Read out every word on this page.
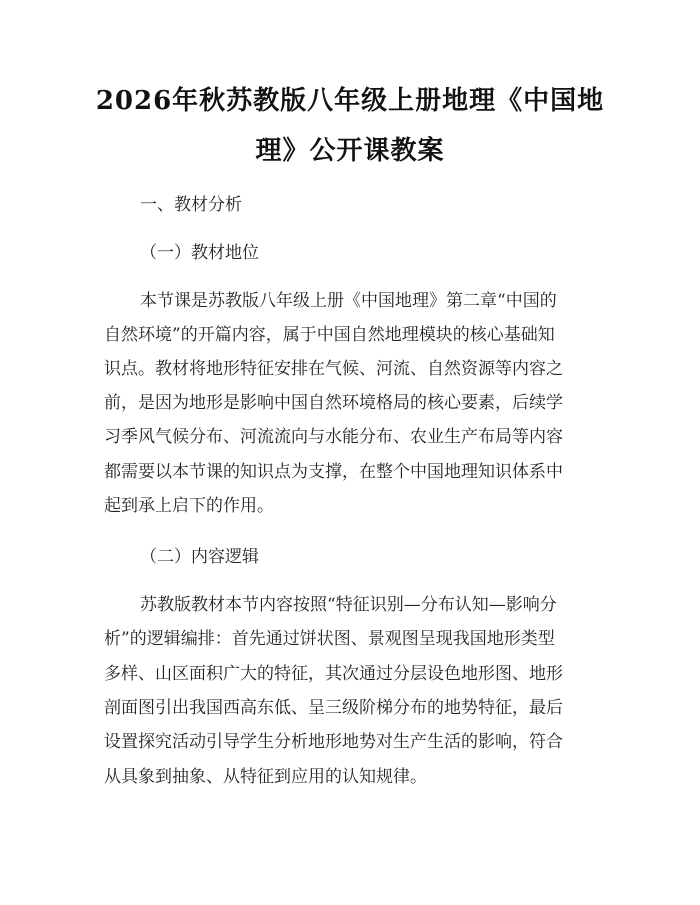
2026年秋苏教版八年级上册地理《中国地
理》公开课教案
一、教材分析
（一）教材地位
本节课是苏教版八年级上册《中国地理》第二章“中国的
自然环境”的开篇内容，属于中国自然地理模块的核心基础知
识点。教材将地形特征安排在气候、河流、自然资源等内容之
前，是因为地形是影响中国自然环境格局的核心要素，后续学
习季风气候分布、河流流向与水能分布、农业生产布局等内容
都需要以本节课的知识点为支撑，在整个中国地理知识体系中
起到承上启下的作用。
（二）内容逻辑
苏教版教材本节内容按照“特征识别—分布认知—影响分
析”的逻辑编排：首先通过饼状图、景观图呈现我国地形类型
多样、山区面积广大的特征，其次通过分层设色地形图、地形
剖面图引出我国西高东低、呈三级阶梯分布的地势特征，最后
设置探究活动引导学生分析地形地势对生产生活的影响，符合
从具象到抽象、从特征到应用的认知规律。
